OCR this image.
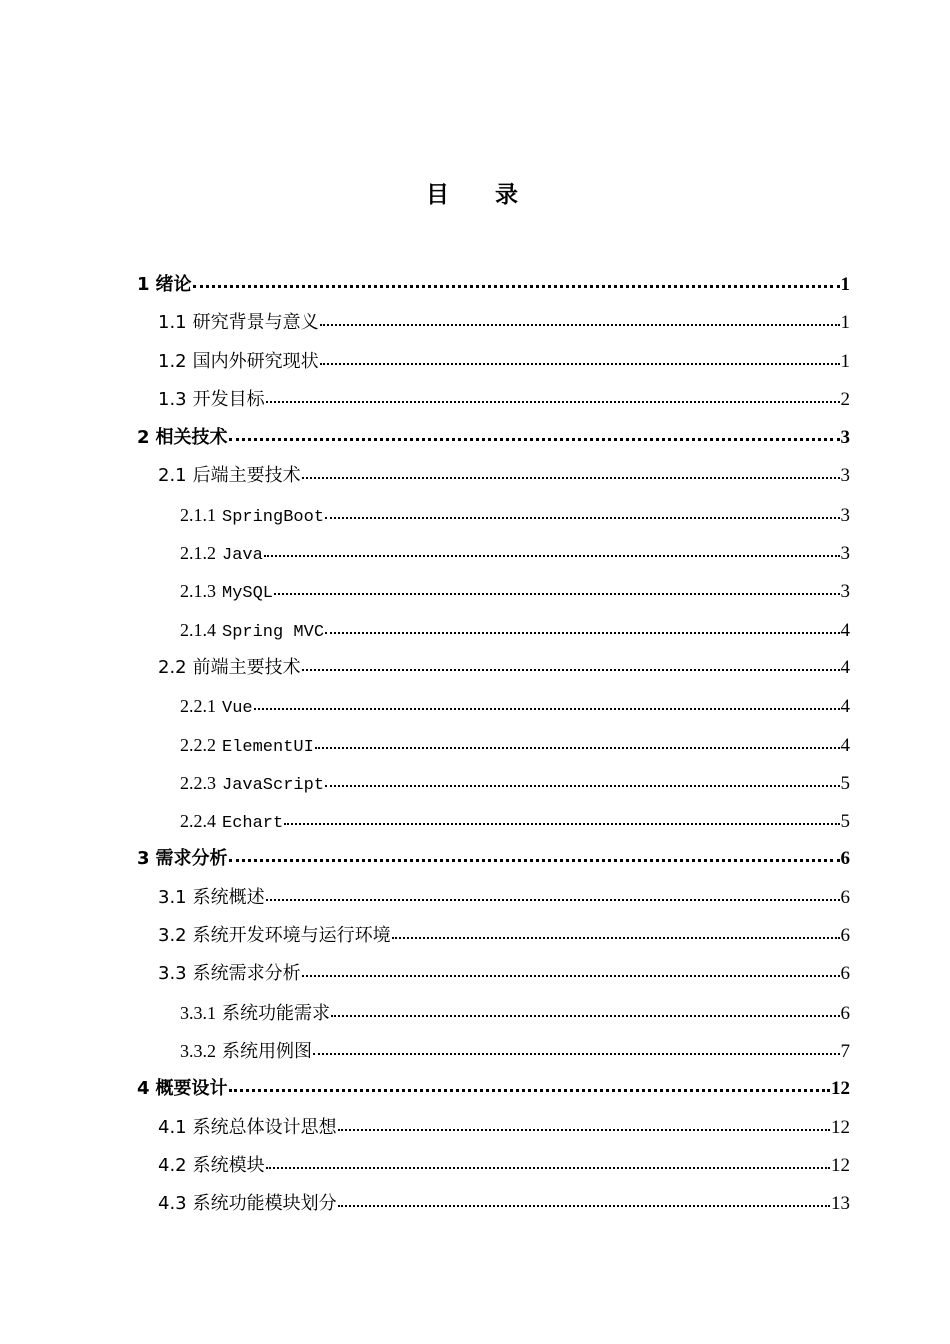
目录
1 绪论	1
1.1 研究背景与意义	1
1.2 国内外研究现状	1
1.3 开发目标	2
2 相关技术	3
2.1 后端主要技术	3
2.1.1 SpringBoot	3
2.1.2 Java	3
2.1.3 MySQL	3
2.1.4 Spring MVC	4
2.2 前端主要技术	4
2.2.1 Vue	4
2.2.2 ElementUI	4
2.2.3 JavaScript	5
2.2.4 Echart	5
3 需求分析	6
3.1 系统概述	6
3.2 系统开发环境与运行环境	6
3.3 系统需求分析	6
3.3.1 系统功能需求	6
3.3.2 系统用例图	7
4 概要设计	12
4.1 系统总体设计思想	12
4.2 系统模块	12
4.3 系统功能模块划分	13
